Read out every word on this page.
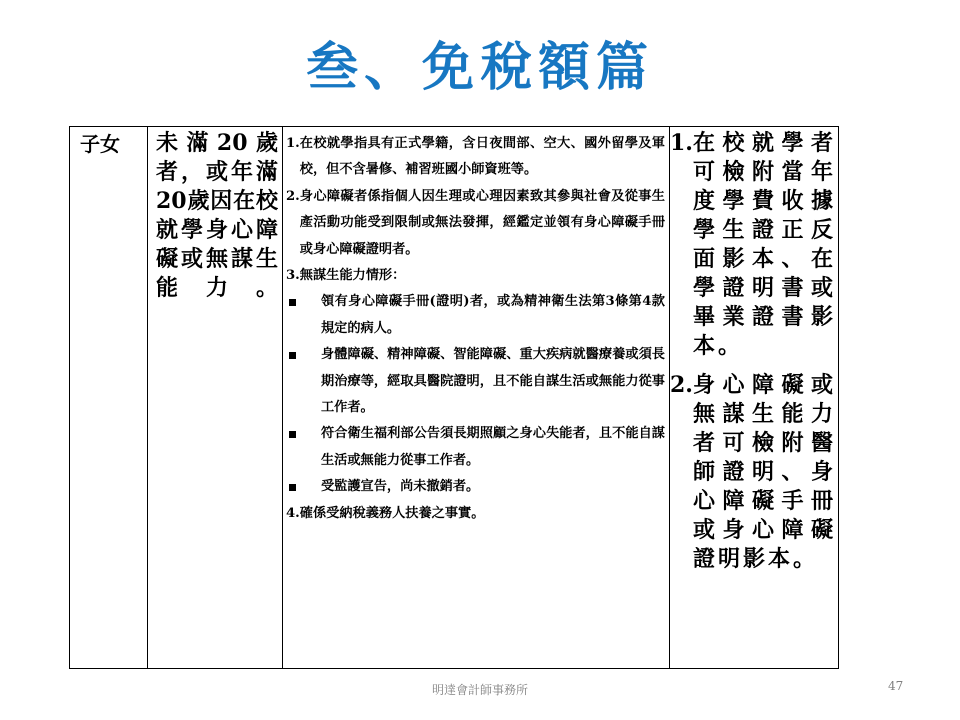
叁、免稅額篇
子女	未滿20歲者，或年滿20歲因在校就學身心障礙或無謀生能力。
1. 在校就學指具有正式學籍，含日夜間部、空大、國外留學及軍校，但不含暑修、補習班國小師資班等。
2. 身心障礙者係指個人因生理或心理因素致其參與社會及從事生產活動功能受到限制或無法發揮，經鑑定並領有身心障礙手冊或身心障礙證明者。
3. 無謀生能力情形：
領有身心障礙手冊(證明)者，或為精神衛生法第3條第4款規定的病人。
身體障礙、精神障礙、智能障礙、重大疾病就醫療養或須長期治療等，經取具醫院證明，且不能自謀生活或無能力從事工作者。
符合衛生福利部公告須長期照顧之身心失能者，且不能自謀生活或無能力從事工作者。
受監護宣告，尚未撤銷者。
4. 確係受納稅義務人扶養之事實。
1. 在校就學者可檢附當年度學費收據學生證正反面影本、在學證明書或畢業證書影本。
2. 身心障礙或無謀生能力者可檢附醫師證明、身心障礙手冊或身心障礙證明影本。
明達會計師事務所	47
